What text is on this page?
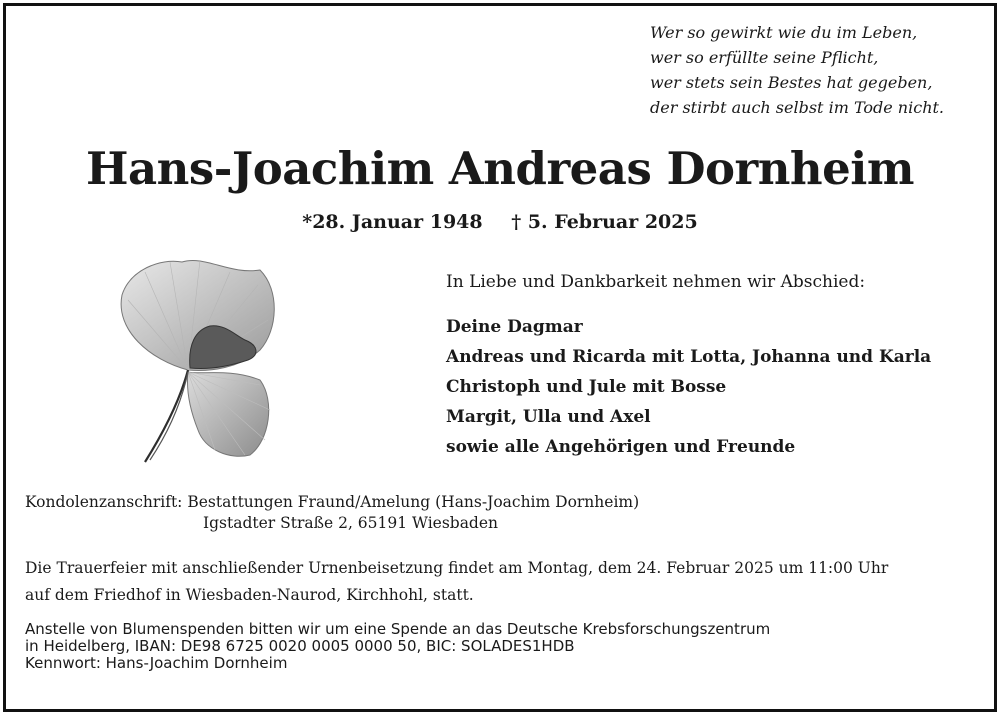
Wer so gewirkt wie du im Leben,
wer so erfüllte seine Pflicht,
wer stets sein Bestes hat gegeben,
der stirbt auch selbst im Tode nicht.
Hans-Joachim Andreas Dornheim
*28. Januar 1948 † 5. Februar 2025
In Liebe und Dankbarkeit nehmen wir Abschied:
Deine Dagmar
Andreas und Ricarda mit Lotta, Johanna und Karla
Christoph und Jule mit Bosse
Margit, Ulla und Axel
sowie alle Angehörigen und Freunde
Kondolenzanschrift: Bestattungen Fraund/Amelung (Hans-Joachim Dornheim)
Igstadter Straße 2, 65191 Wiesbaden
Die Trauerfeier mit anschließender Urnenbeisetzung findet am Montag, dem 24. Februar 2025 um 11:00 Uhr
auf dem Friedhof in Wiesbaden-Naurod, Kirchhohl, statt.
Anstelle von Blumenspenden bitten wir um eine Spende an das Deutsche Krebsforschungszentrum
in Heidelberg, IBAN: DE98 6725 0020 0005 0000 50, BIC: SOLADES1HDB
Kennwort: Hans-Joachim Dornheim
